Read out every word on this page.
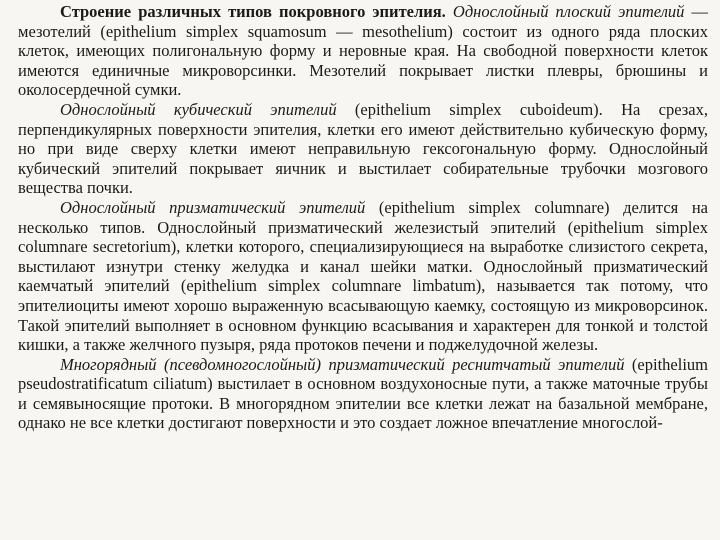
Строение различных типов покровного эпителия. Однослойный плоский эпителий — мезотелий (epithelium simplex squamosum — mesothelium) состоит из одного ряда плоских клеток, имеющих полигональную форму и неровные края. На свободной поверхности клеток имеются единичные микроворсинки. Мезотелий покрывает листки плевры, брюшины и околосердечной сумки.

Однослойный кубический эпителий (epithelium simplex cuboideum). На срезах, перпендикулярных поверхности эпителия, клетки его имеют действительно кубическую форму, но при виде сверху клетки имеют неправильную гексогональную форму. Однослойный кубический эпителий покрывает яичник и выстилает собирательные трубочки мозгового вещества почки.

Однослойный призматический эпителий (epithelium simplex columnare) делится на несколько типов. Однослойный призматический железистый эпителий (epithelium simplex columnare secretorium), клетки которого, специализирующиеся на выработке слизистого секрета, выстилают изнутри стенку желудка и канал шейки матки. Однослойный призматический каемчатый эпителий (epithelium simplex columnare limbatum), называется так потому, что эпителиоциты имеют хорошо выраженную всасывающую каемку, состоящую из микроворсинок. Такой эпителий выполняет в основном функцию всасывания и характерен для тонкой и толстой кишки, а также желчного пузыря, ряда протоков печени и поджелудочной железы.

Многорядный (псевдомногослойный) призматический реснитчатый эпителий (epithelium pseudostratificatum ciliatum) выстилает в основном воздухоносные пути, а также маточные трубы и семявыносящие протоки. В многорядном эпителии все клетки лежат на базальной мембране, однако не все клетки достигают поверхности и это создает ложное впечатление многослой-
